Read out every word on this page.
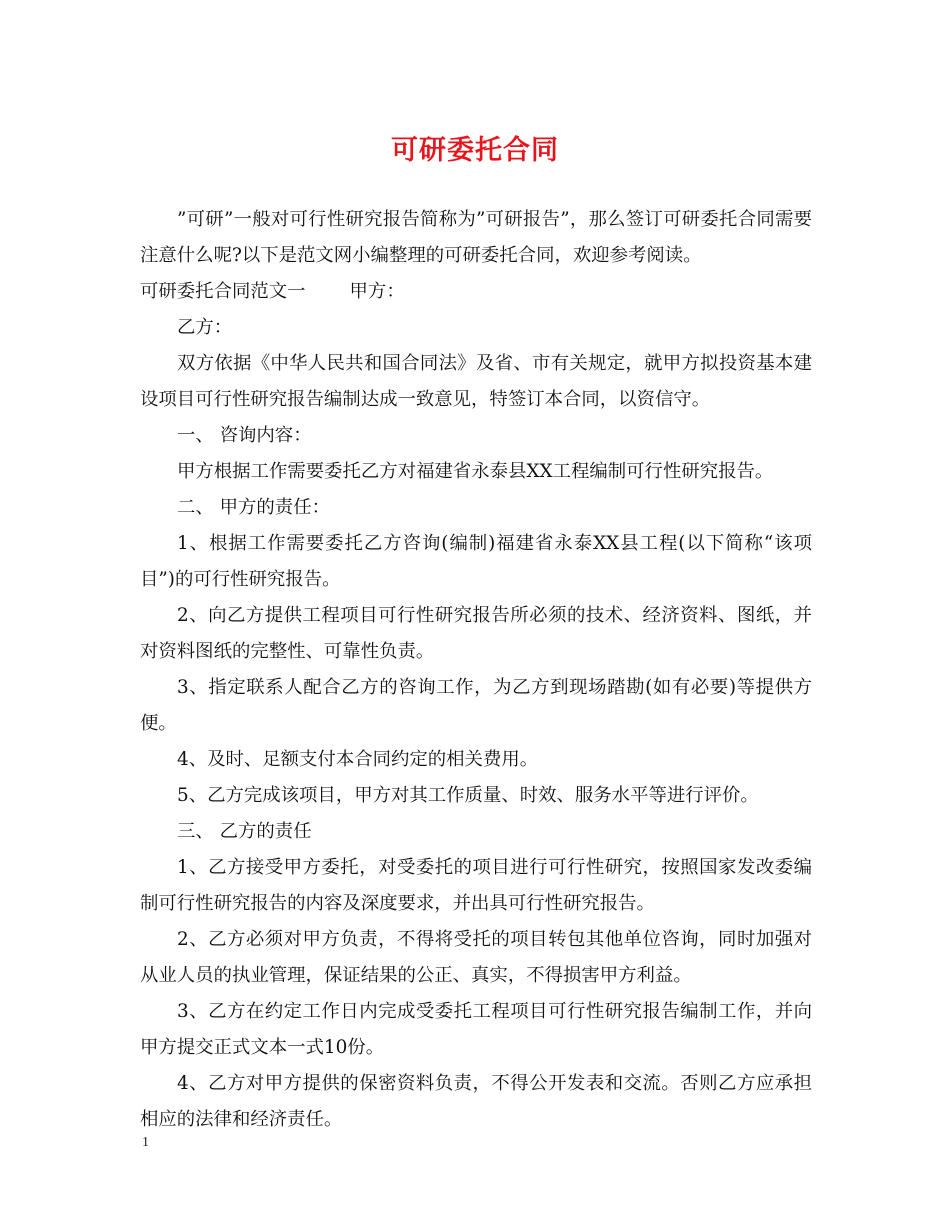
可研委托合同

”可研”一般对可行性研究报告简称为”可研报告”，那么签订可研委托合同需要注意什么呢?以下是范文网小编整理的可研委托合同，欢迎参考阅读。

可研委托合同范文一 甲方：

乙方：

双方依据《中华人民共和国合同法》及省、市有关规定，就甲方拟投资基本建设项目可行性研究报告编制达成一致意见，特签订本合同，以资信守。

一、 咨询内容：

甲方根据工作需要委托乙方对福建省永泰县XX工程编制可行性研究报告。

二、 甲方的责任：

1、根据工作需要委托乙方咨询(编制)福建省永泰XX县工程(以下简称“该项目”)的可行性研究报告。

2、向乙方提供工程项目可行性研究报告所必须的技术、经济资料、图纸，并对资料图纸的完整性、可靠性负责。

3、指定联系人配合乙方的咨询工作，为乙方到现场踏勘(如有必要)等提供方便。

4、及时、足额支付本合同约定的相关费用。

5、乙方完成该项目，甲方对其工作质量、时效、服务水平等进行评价。

三、 乙方的责任

1、乙方接受甲方委托，对受委托的项目进行可行性研究，按照国家发改委编制可行性研究报告的内容及深度要求，并出具可行性研究报告。

2、乙方必须对甲方负责，不得将受托的项目转包其他单位咨询，同时加强对从业人员的执业管理，保证结果的公正、真实，不得损害甲方利益。

3、乙方在约定工作日内完成受委托工程项目可行性研究报告编制工作，并向甲方提交正式文本一式10份。

4、乙方对甲方提供的保密资料负责，不得公开发表和交流。否则乙方应承担相应的法律和经济责任。

1
